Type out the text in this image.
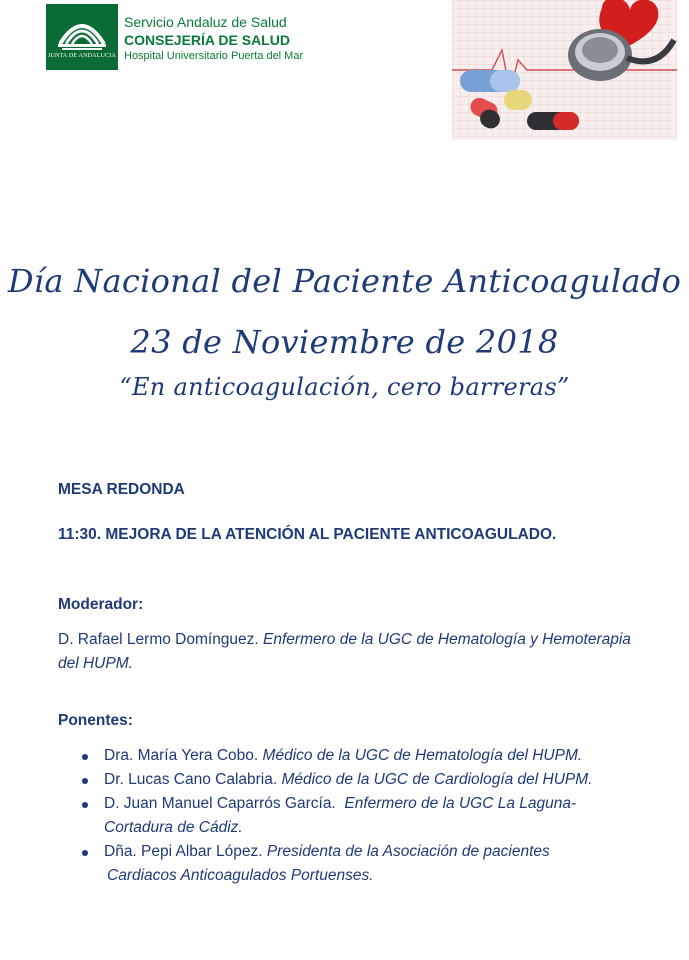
JUNTA DE ANDALUCIA
Servicio Andaluz de Salud
CONSEJERÍA DE SALUD
Hospital Universitario Puerta del Mar
Día Nacional del Paciente Anticoagulado
23 de Noviembre de 2018
“En anticoagulación, cero barreras”
MESA REDONDA
11:30. MEJORA DE LA ATENCIÓN AL PACIENTE ANTICOAGULADO.
Moderador:
D. Rafael Lermo Domínguez. Enfermero de la UGC de Hematología y Hemoterapia
del HUPM.
Ponentes:
Dra. María Yera Cobo. Médico de la UGC de Hematología del HUPM.
Dr. Lucas Cano Calabria. Médico de la UGC de Cardiología del HUPM.
D. Juan Manuel Caparrós García. Enfermero de la UGC La Laguna-
Cortadura de Cádiz.
Dña. Pepi Albar López. Presidenta de la Asociación de pacientes
Cardiacos Anticoagulados Portuenses.
